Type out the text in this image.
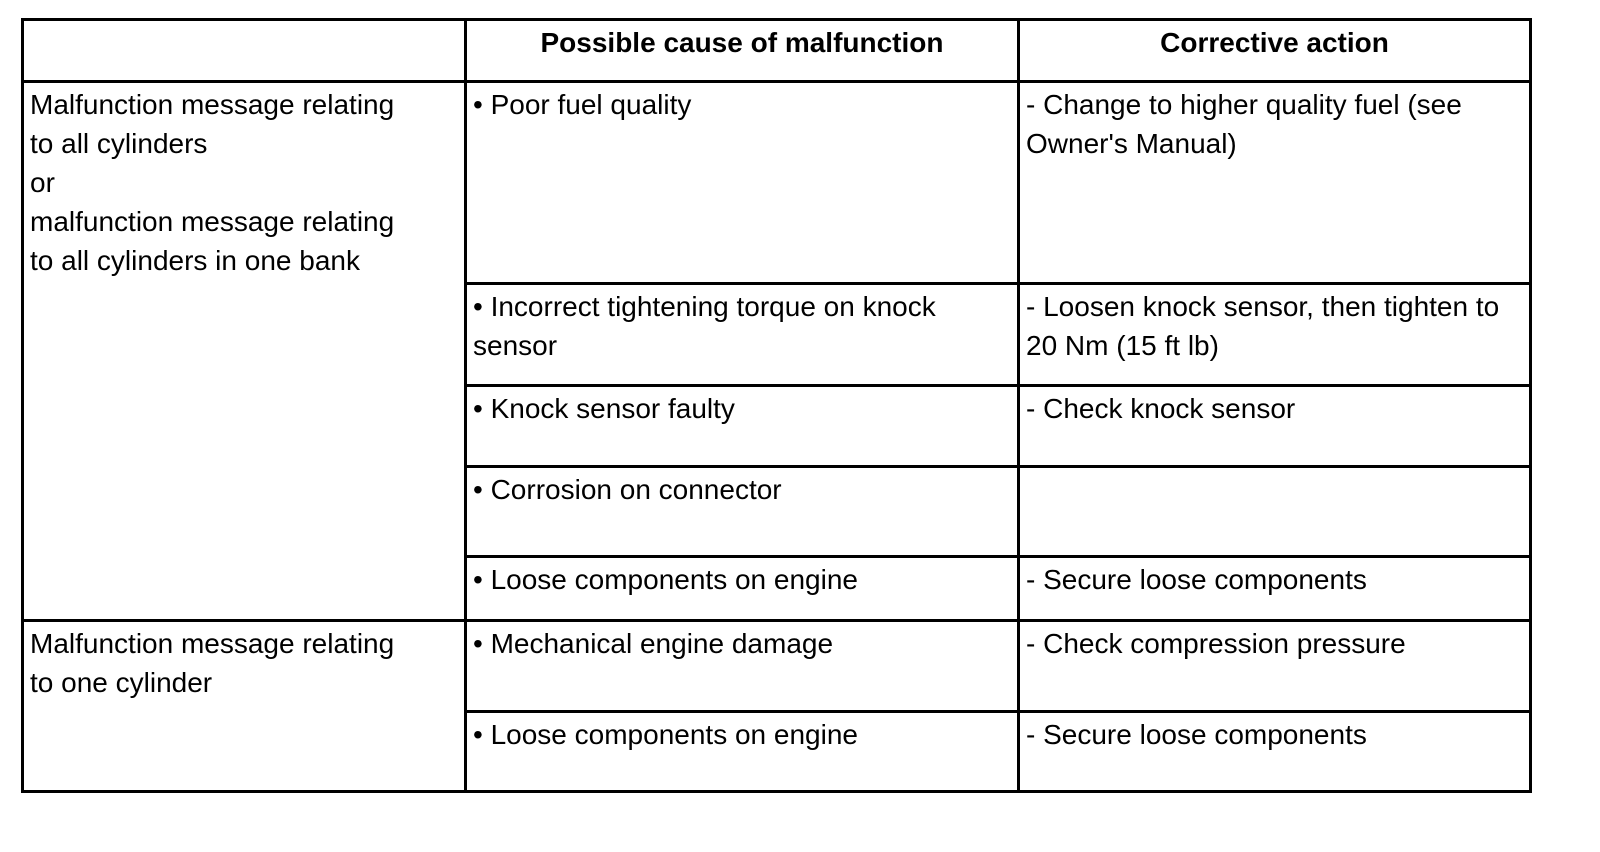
	Possible cause of malfunction	Corrective action

Malfunction message relating
to all cylinders
or
malfunction message relating
to all cylinders in one bank	• Poor fuel quality	- Change to higher quality fuel (see Owner's Manual)

	• Incorrect tightening torque on knock sensor	- Loosen knock sensor, then tighten to 20 Nm (15 ft lb)

	• Knock sensor faulty	- Check knock sensor

	• Corrosion on connector	

	• Loose components on engine	- Secure loose components

Malfunction message relating
to one cylinder	• Mechanical engine damage	- Check compression pressure

	• Loose components on engine	- Secure loose components
